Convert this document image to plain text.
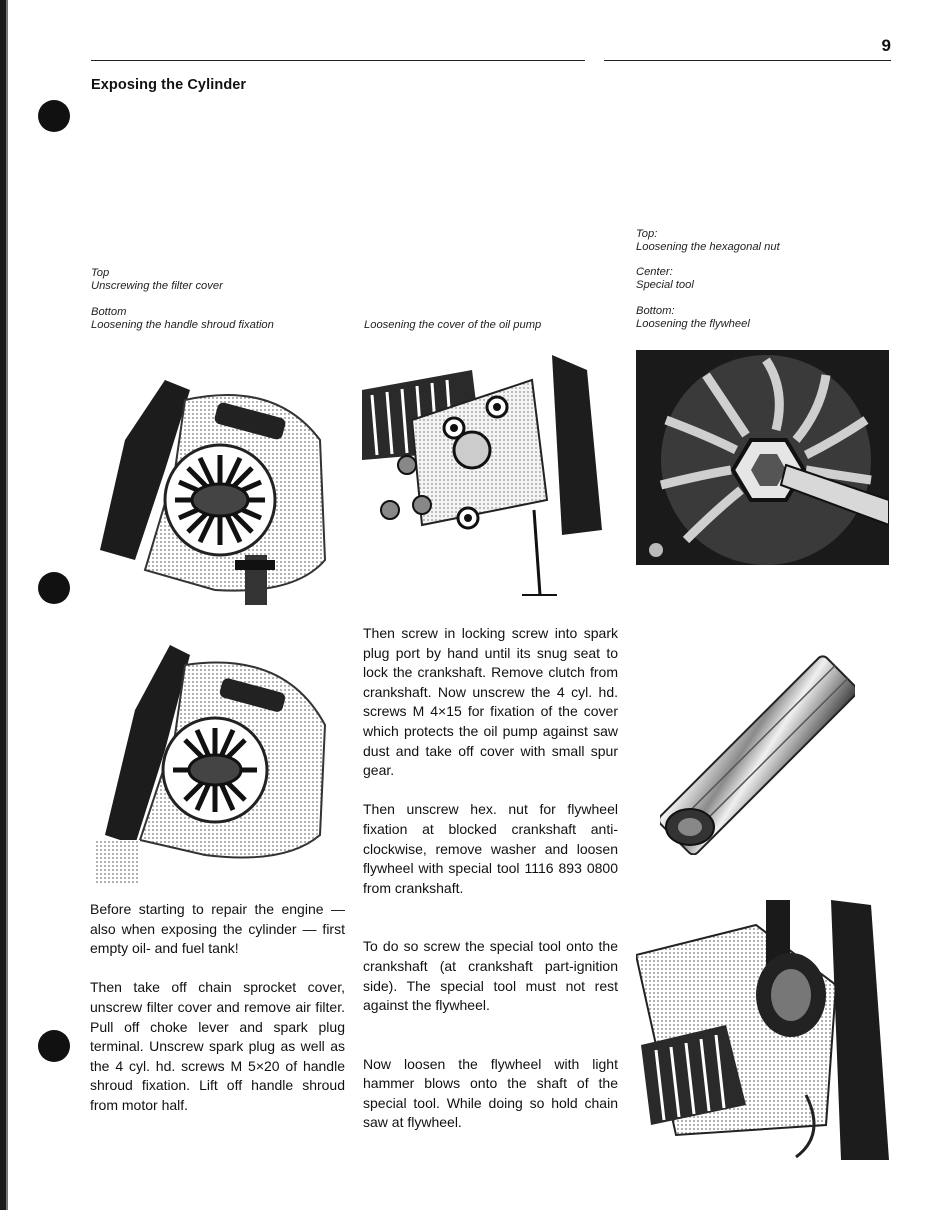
9
Exposing the Cylinder
Top
Unscrewing the filter cover
Bottom
Loosening the handle shroud fixation	Loosening the cover of the oil pump
Top:
Loosening the hexagonal nut
Center:
Special tool
Bottom:
Loosening the flywheel

Before starting to repair the engine — also when exposing the cylinder — first empty oil- and fuel tank!

Then take off chain sprocket cover, unscrew filter cover and remove air filter. Pull off choke lever and spark plug terminal. Unscrew spark plug as well as the 4 cyl. hd. screws M 5×20 of handle shroud fixation. Lift off handle shroud from motor half.

Then screw in locking screw into spark plug port by hand until its snug seat to lock the crankshaft. Remove clutch from crankshaft. Now unscrew the 4 cyl. hd. screws M 4×15 for fixation of the cover which protects the oil pump against saw dust and take off cover with small spur gear.

Then unscrew hex. nut for flywheel fixation at blocked crankshaft anti-clockwise, remove washer and loosen flywheel with special tool 1116 893 0800 from crankshaft.

To do so screw the special tool onto the crankshaft (at crankshaft part-ignition side). The special tool must not rest against the flywheel.

Now loosen the flywheel with light hammer blows onto the shaft of the special tool. While doing so hold chain saw at flywheel.
